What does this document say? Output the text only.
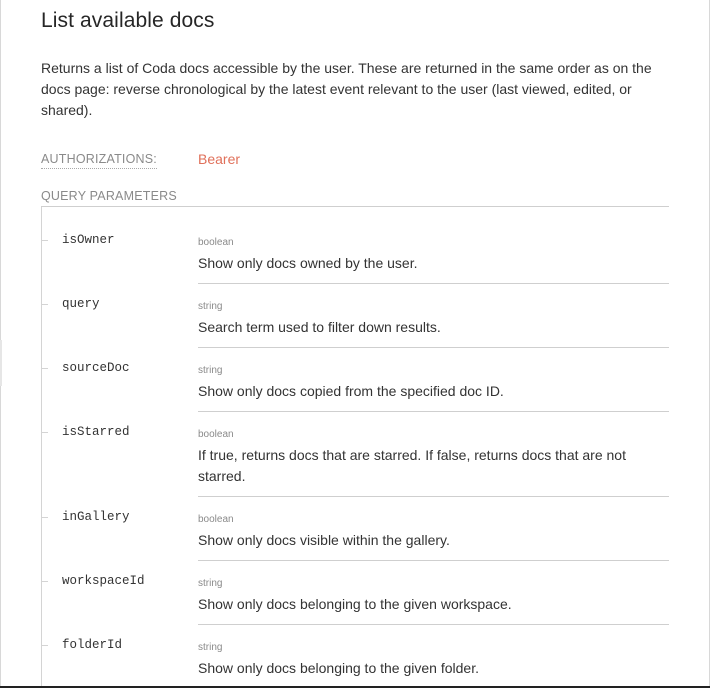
List available docs

Returns a list of Coda docs accessible by the user. These are returned in the same order as on the docs page: reverse chronological by the latest event relevant to the user (last viewed, edited, or shared).

AUTHORIZATIONS:	Bearer
QUERY PARAMETERS
isOwner	boolean
Show only docs owned by the user.
query	string
Search term used to filter down results.
sourceDoc	string
Show only docs copied from the specified doc ID.
isStarred	boolean
If true, returns docs that are starred. If false, returns docs that are not starred.
inGallery	boolean
Show only docs visible within the gallery.
workspaceId	string
Show only docs belonging to the given workspace.
folderId	string
Show only docs belonging to the given folder.
